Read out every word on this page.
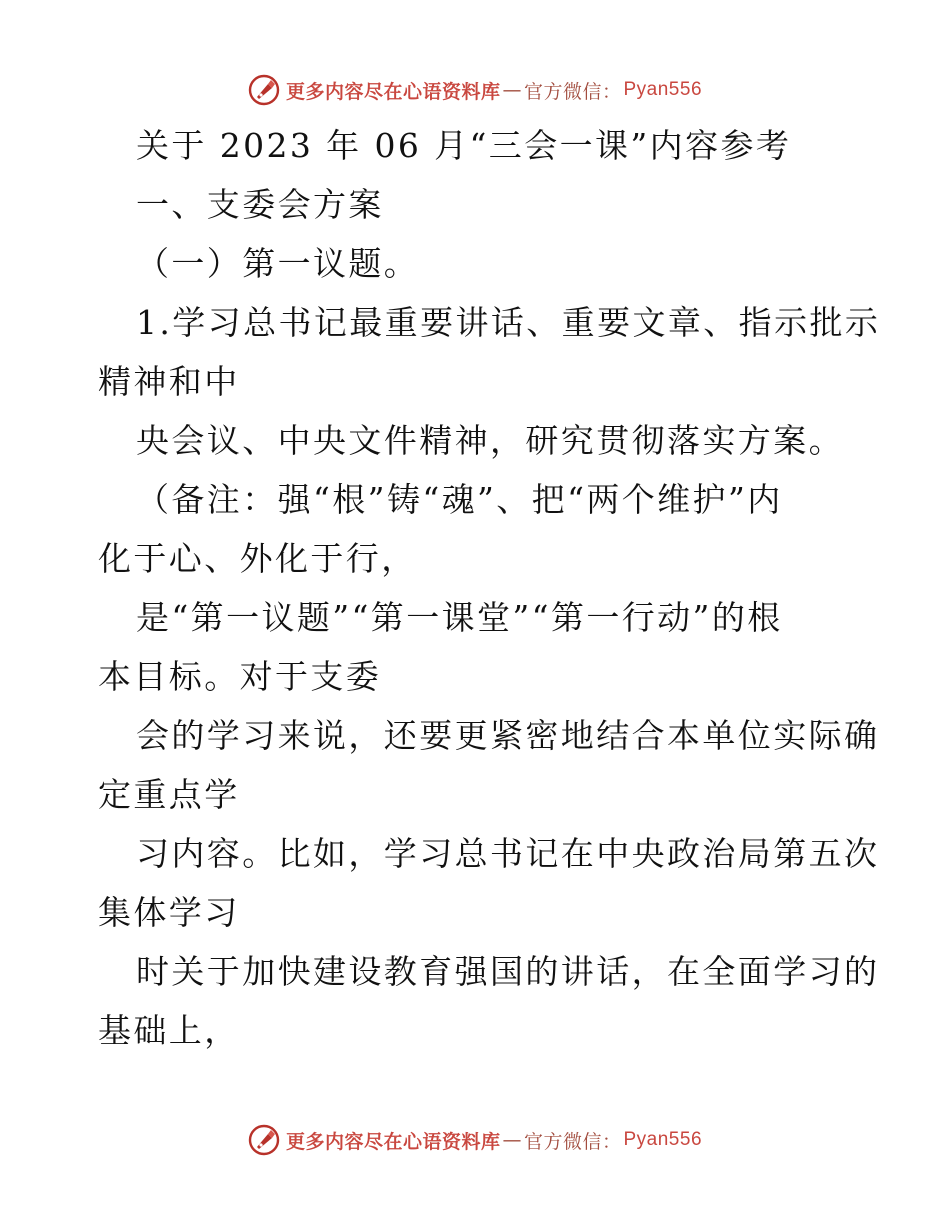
更多内容尽在心语资料库 — 官方微信： Pyan556
关于 2023 年 06 月“三会一课”内容参考
一、支委会方案
（一）第一议题。
1.学习总书记最重要讲话、重要文章、指示批示
精神和中
央会议、中央文件精神，研究贯彻落实方案。
（备注：强“根”铸“魂”、把“两个维护”内
化于心、外化于行，
是“第一议题”“第一课堂”“第一行动”的根
本目标。对于支委
会的学习来说，还要更紧密地结合本单位实际确
定重点学
习内容。比如，学习总书记在中央政治局第五次
集体学习
时关于加快建设教育强国的讲话，在全面学习的
基础上，
更多内容尽在心语资料库 — 官方微信： Pyan556
